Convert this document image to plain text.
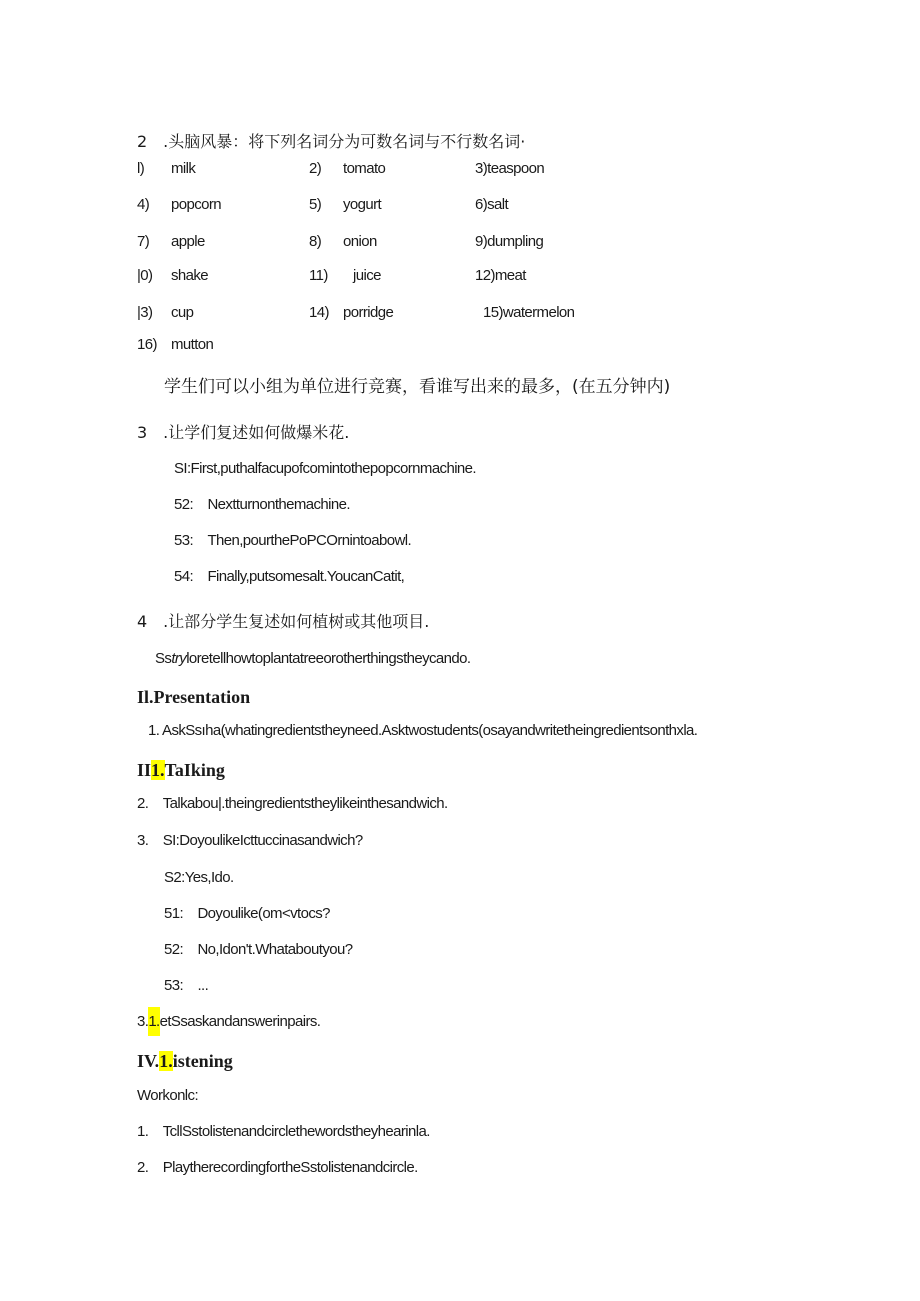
2　.头脑风暴：将下列名词分为可数名词与不行数名词·
l) milk	2) tomato	3)teaspoon
4) popcorn	5) yogurt	6)salt
7) apple	8) onion	9)dumpling
|0) shake	11) juice	12)meat
|3) cup	14) porridge	15)watermelon
16) mutton
学生们可以小组为单位进行竞赛，看谁写出来的最多，(在五分钟内)
3　.让学们复述如何做爆米花.
SI:First,puthalfacupofcomintothepopcornmachine.
52:　Nextturnonthemachine.
53:　Then,pourthePoPCOrnintoabowl.
54:　Finally,putsomesalt.YoucanCatit,
4　.让部分学生复述如何植树或其他项目.
Sstryloretellhowtoplantatreeorotherthingstheycando.
Il.Presentation
1. AskSsıha(whatingredientstheyneed.Asktwostudents(osayandwritetheingredientsonthxla.
II1.TaΙking
2.　Talkabou|.theingredientstheylikeinthesandwich.
3.　SI:DoyoulikeIcttuccinasandwich?
S2:Yes,Ido.
51:　Doyoulike(om<vtocs?
52:　No,Idon't.Whataboutyou?
53:　...
3.1.etSsaskandanswerinpairs.
IV.1.istening
Workonlc:
1.　TcllSstolistenandcirclethewordstheyhearinla.
2.　PlaytherecordingfortheSstolistenandcircle.
